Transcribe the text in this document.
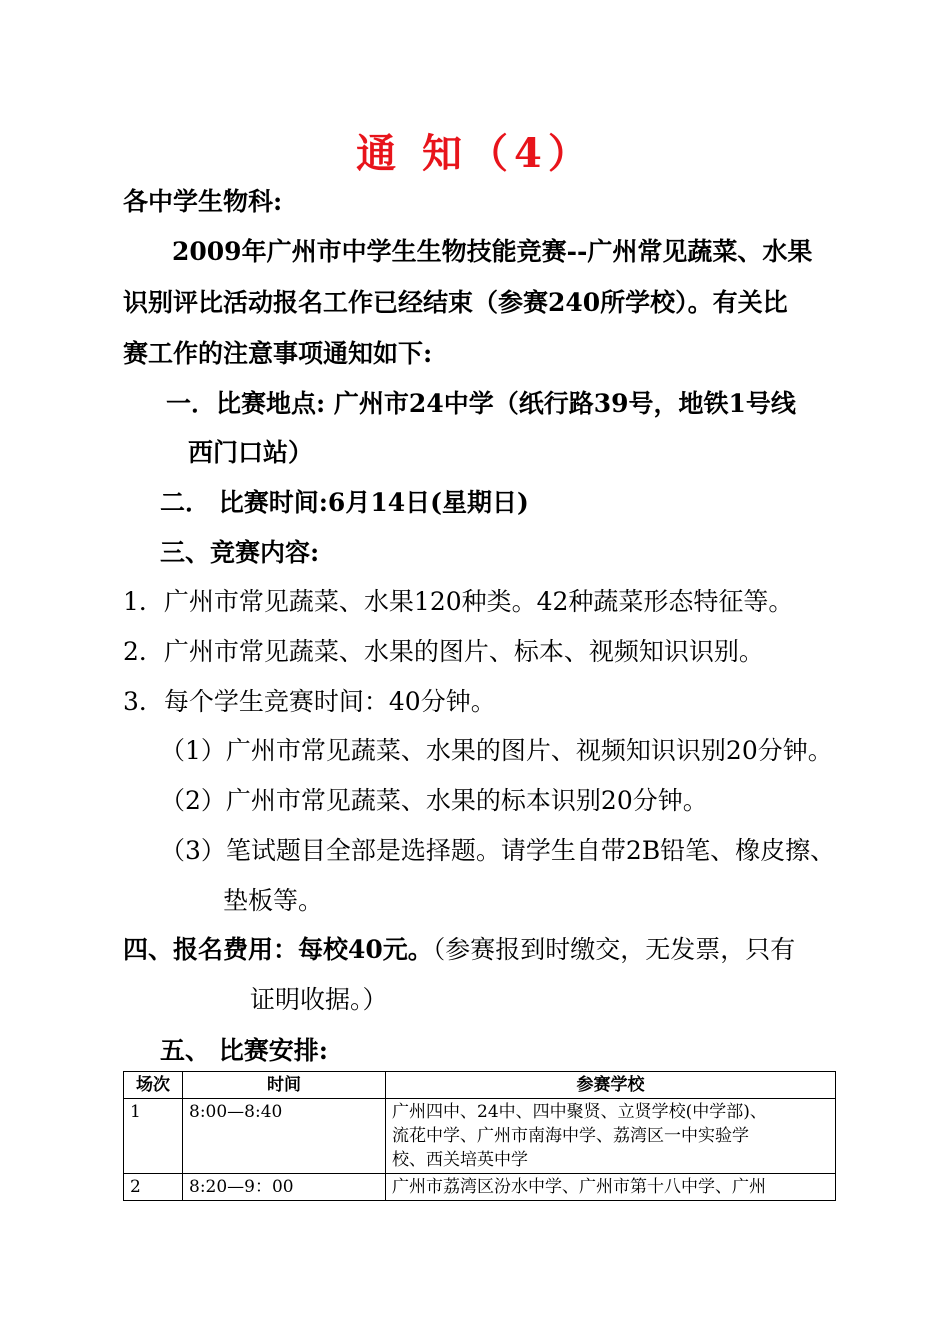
通 知（4）
各中学生物科:
2009年广州市中学生生物技能竞赛--广州常见蔬菜、水果
识别评比活动报名工作已经结束（参赛240所学校）。有关比
赛工作的注意事项通知如下:
一．比赛地点: 广州市24中学（纸行路39号，地铁1号线
西门口站）
二． 比赛时间:6月14日(星期日)
三、竞赛内容:
1．广州市常见蔬菜、水果120种类。42种蔬菜形态特征等。
2．广州市常见蔬菜、水果的图片、标本、视频知识识别。
3．每个学生竞赛时间：40分钟。
（1）广州市常见蔬菜、水果的图片、视频知识识别20分钟。
（2）广州市常见蔬菜、水果的标本识别20分钟。
（3）笔试题目全部是选择题。请学生自带2B铅笔、橡皮擦、
垫板等。
四、报名费用：每校40元。（参赛报到时缴交，无发票，只有
证明收据。）
五、 比赛安排:
场次	时间	参赛学校
1	8:00—8:40	广州四中、24中、四中聚贤、立贤学校(中学部)、
流花中学、广州市南海中学、荔湾区一中实验学
校、西关培英中学

2	8:20—9：00	广州市荔湾区汾水中学、广州市第十八中学、广州
